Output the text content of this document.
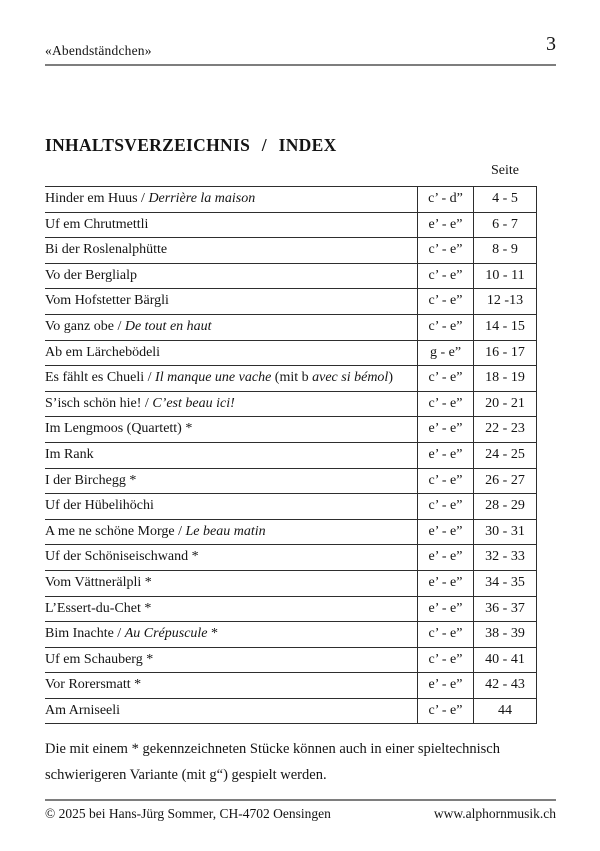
«Abendständchen»	3
INHALTSVERZEICHNIS / INDEX
Seite
Hinder em Huus / Derrière la maison	c’ - d”	4 - 5
Uf em Chrutmettli	e’ - e”	6 - 7
Bi der Roslenalphütte	c’ - e”	8 - 9
Vo der Berglialp	c’ - e”	10 - 11
Vom Hofstetter Bärgli	c’ - e”	12 -13
Vo ganz obe / De tout en haut	c’ - e”	14 - 15
Ab em Lärchebödeli	g - e”	16 - 17
Es fählt es Chueli / Il manque une vache (mit b avec si bémol)	c’ - e”	18 - 19
S’isch schön hie! / C’est beau ici!	c’ - e”	20 - 21
Im Lengmoos (Quartett) *	e’ - e”	22 - 23
Im Rank	e’ - e”	24 - 25
I der Birchegg *	c’ - e”	26 - 27
Uf der Hübelihöchi	c’ - e”	28 - 29
A me ne schöne Morge / Le beau matin	e’ - e”	30 - 31
Uf der Schöniseischwand *	e’ - e”	32 - 33
Vom Vättnerälpli *	e’ - e”	34 - 35
L’Essert-du-Chet *	e’ - e”	36 - 37
Bim Inachte / Au Crépuscule *	c’ - e”	38 - 39
Uf em Schauberg *	c’ - e”	40 - 41
Vor Rorersmatt *	e’ - e”	42 - 43
Am Arniseeli	c’ - e”	44
Die mit einem * gekennzeichneten Stücke können auch in einer spieltechnisch
schwierigeren Variante (mit g“) gespielt werden.
© 2025 bei Hans-Jürg Sommer, CH-4702 Oensingen	www.alphornmusik.ch
